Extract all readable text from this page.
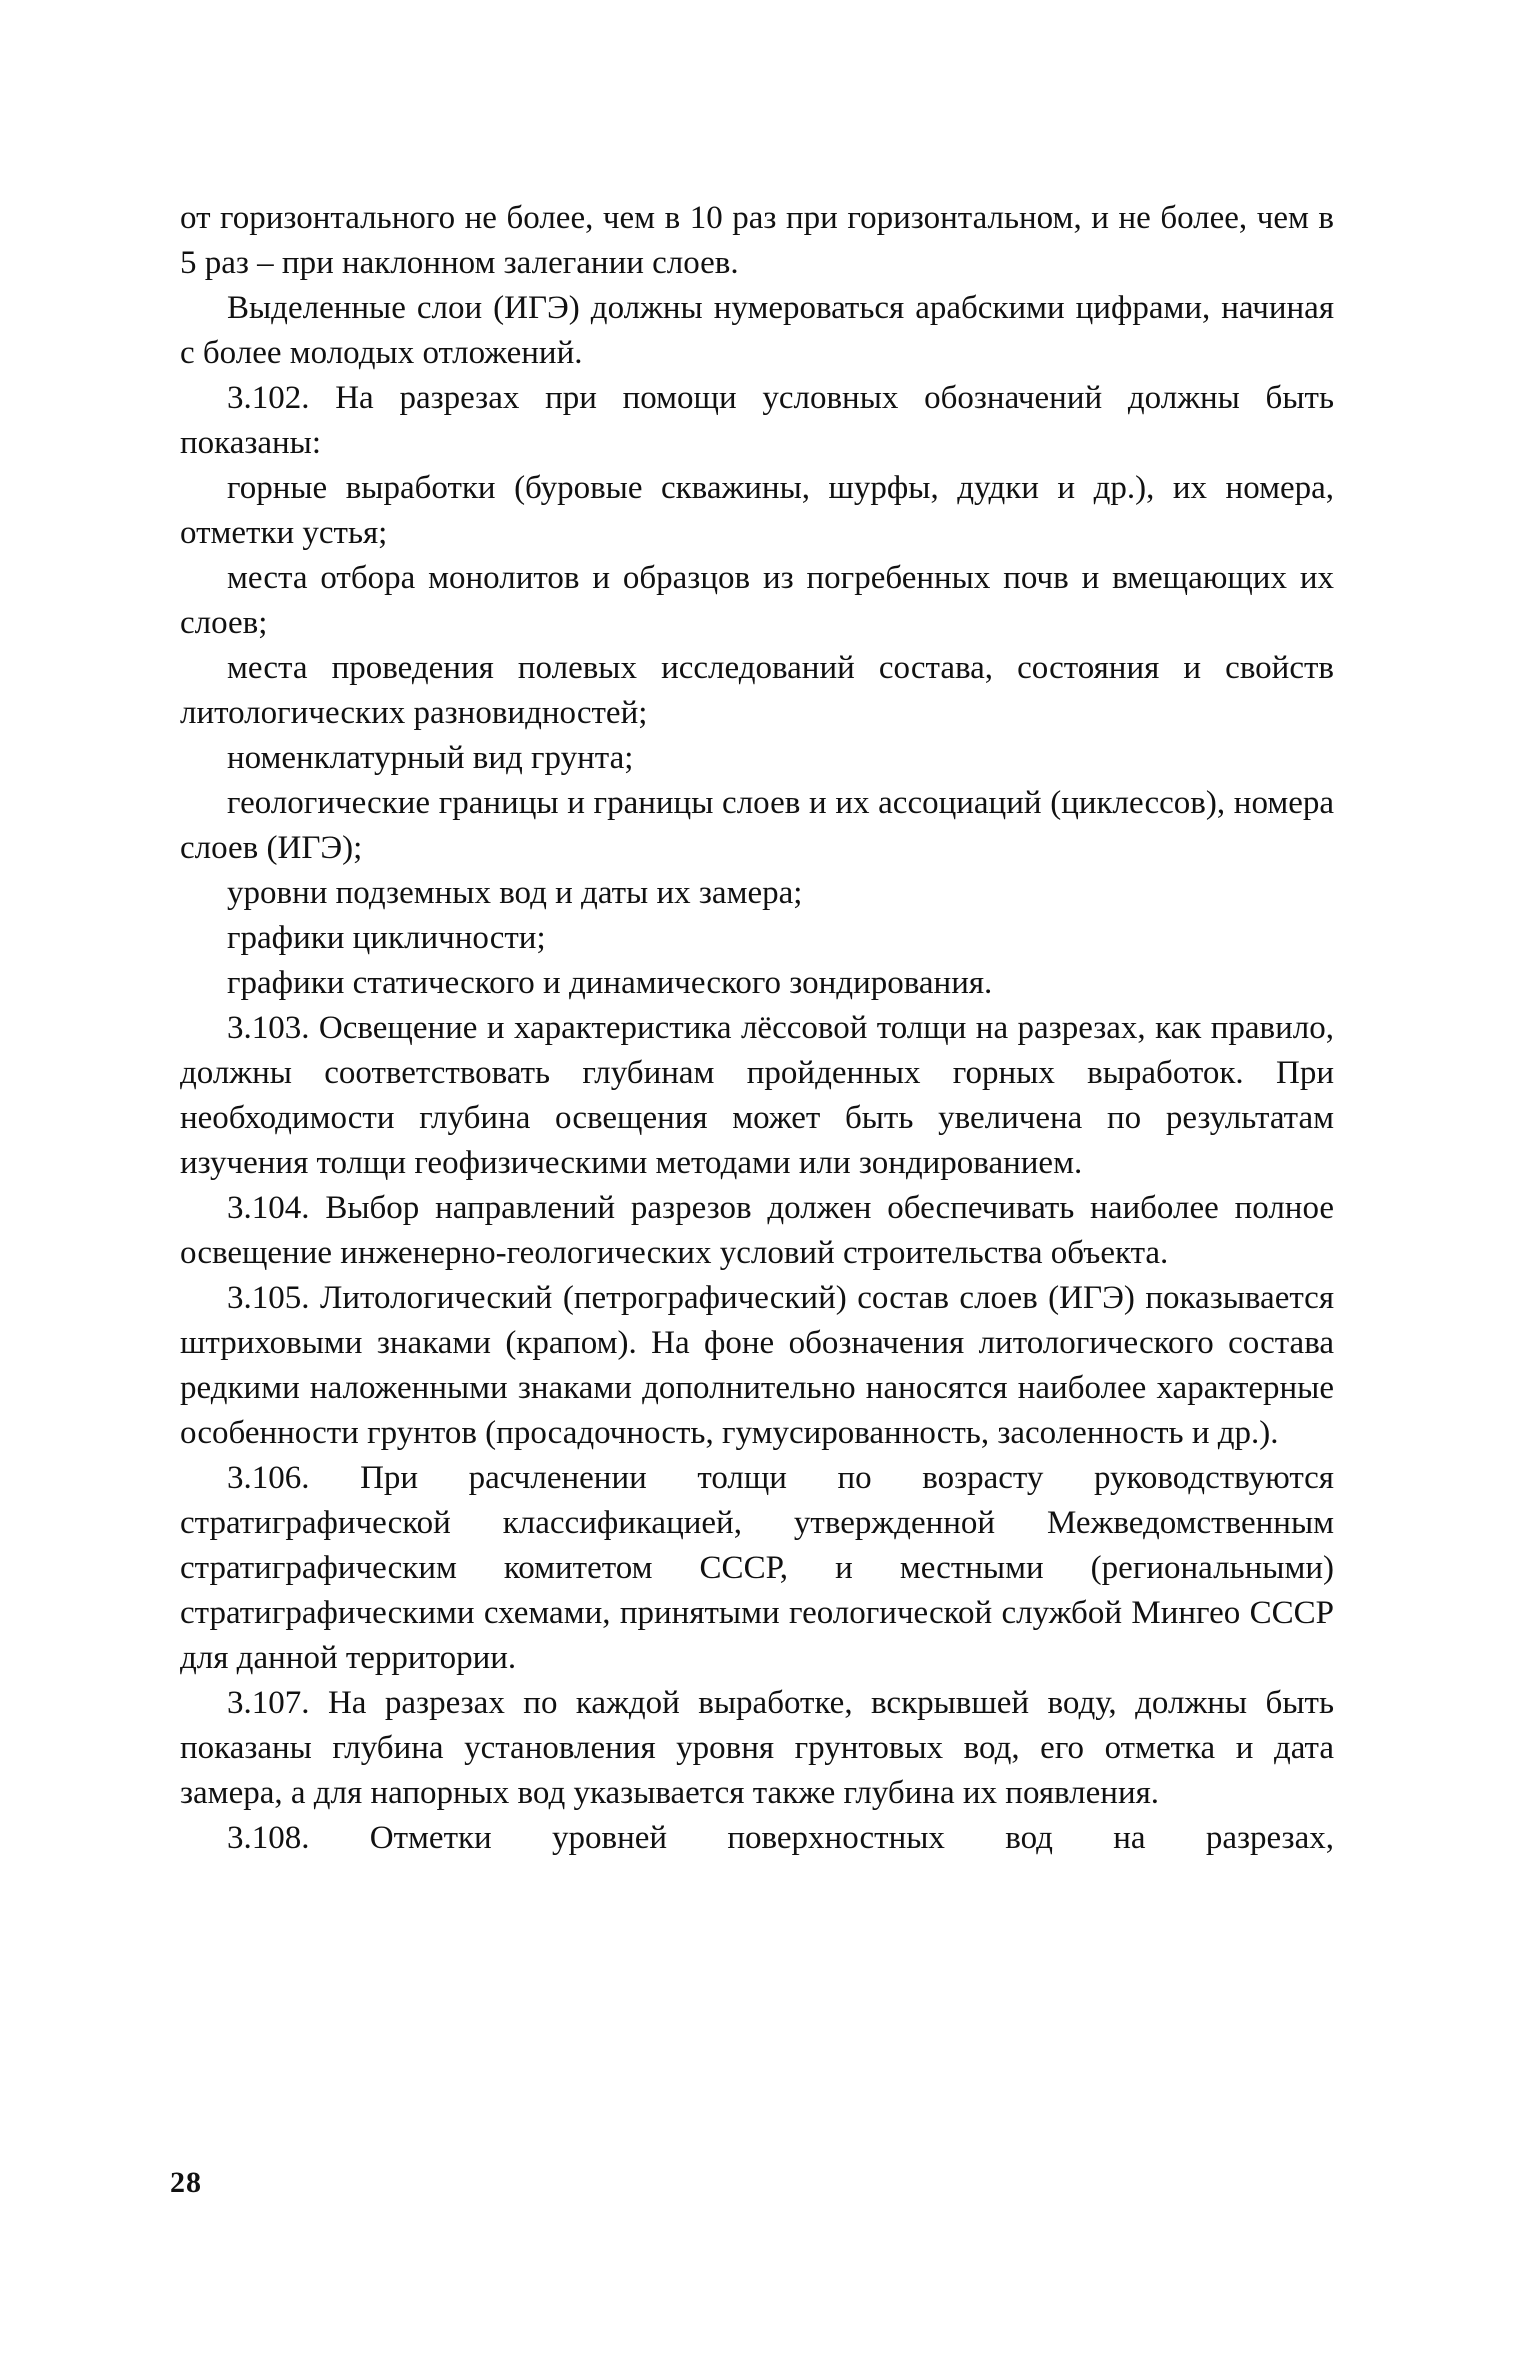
от горизонтального не более, чем в 10 раз при горизонтальном, и не более, чем в 5 раз – при наклонном залегании слоев.

Выделенные слои (ИГЭ) должны нумероваться арабскими цифрами, начиная с более молодых отложений.

3.102. На разрезах при помощи условных обозначений должны быть показаны:

горные выработки (буровые скважины, шурфы, дудки и др.), их номера, отметки устья;

места отбора монолитов и образцов из погребенных почв и вмещающих их слоев;

места проведения полевых исследований состава, состояния и свойств литологических разновидностей;

номенклатурный вид грунта;

геологические границы и границы слоев и их ассоциаций (циклессов), номера слоев (ИГЭ);

уровни подземных вод и даты их замера;

графики цикличности;

графики статического и динамического зондирования.

3.103. Освещение и характеристика лёссовой толщи на разрезах, как правило, должны соответствовать глубинам пройденных горных выработок. При необходимости глубина освещения может быть увеличена по результатам изучения толщи геофизическими методами или зондированием.

3.104. Выбор направлений разрезов должен обеспечивать наиболее полное освещение инженерно-геологических условий строительства объекта.

3.105. Литологический (петрографический) состав слоев (ИГЭ) показывается штриховыми знаками (крапом). На фоне обозначения литологического состава редкими наложенными знаками дополнительно наносятся наиболее характерные особенности грунтов (просадочность, гумусированность, засоленность и др.).

3.106. При расчленении толщи по возрасту руководствуются стратиграфической классификацией, утвержденной Межведомственным стратиграфическим комитетом СССР, и местными (региональными) стратиграфическими схемами, принятыми геологической службой Мингео СССР для данной территории.

3.107. На разрезах по каждой выработке, вскрывшей воду, должны быть показаны глубина установления уровня грунтовых вод, его отметка и дата замера, а для напорных вод указывается также глубина их появления.

3.108. Отметки уровней поверхностных вод на разрезах,

28
